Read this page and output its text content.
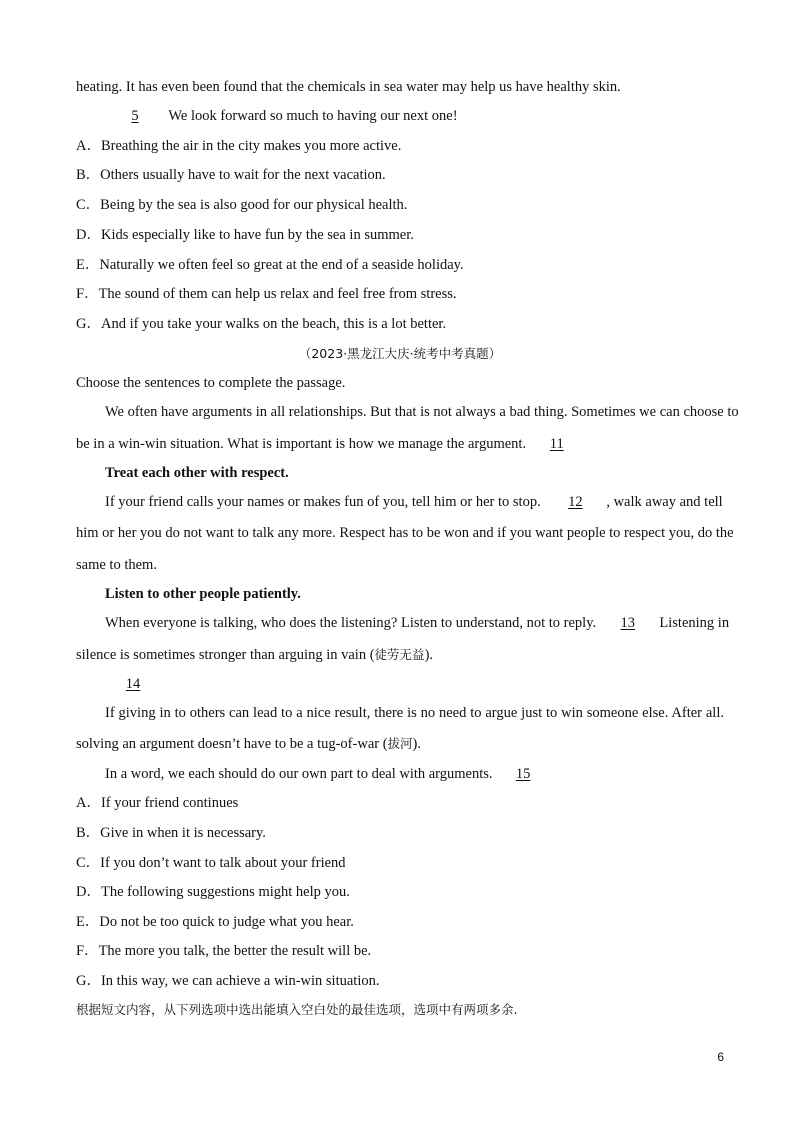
heating. It has even been found that the chemicals in sea water may help us have healthy skin.
5 We look forward so much to having our next one!
A．Breathing the air in the city makes you more active.
B．Others usually have to wait for the next vacation.
C．Being by the sea is also good for our physical health.
D．Kids especially like to have fun by the sea in summer.
E．Naturally we often feel so great at the end of a seaside holiday.
F．The sound of them can help us relax and feel free from stress.
G．And if you take your walks on the beach, this is a lot better.
（2023·黑龙江大庆·统考中考真题）
Choose the sentences to complete the passage.
We often have arguments in all relationships. But that is not always a bad thing. Sometimes we can choose to
be in a win-win situation. What is important is how we manage the argument. 11
Treat each other with respect.
If your friend calls your names or makes fun of you, tell him or her to stop. 12 , walk away and tell
him or her you do not want to talk any more. Respect has to be won and if you want people to respect you, do the
same to them.
Listen to other people patiently.
When everyone is talking, who does the listening? Listen to understand, not to reply. 13 Listening in
silence is sometimes stronger than arguing in vain (徒劳无益).
14
If giving in to others can lead to a nice result, there is no need to argue just to win someone else. After all.
solving an argument doesn’t have to be a tug-of-war (拔河).
In a word, we each should do our own part to deal with arguments. 15
A．If your friend continues
B．Give in when it is necessary.
C．If you don’t want to talk about your friend
D．The following suggestions might help you.
E．Do not be too quick to judge what you hear.
F．The more you talk, the better the result will be.
G．In this way, we can achieve a win-win situation.
根据短文内容，从下列选项中选出能填入空白处的最佳选项，选项中有两项多余.
6
